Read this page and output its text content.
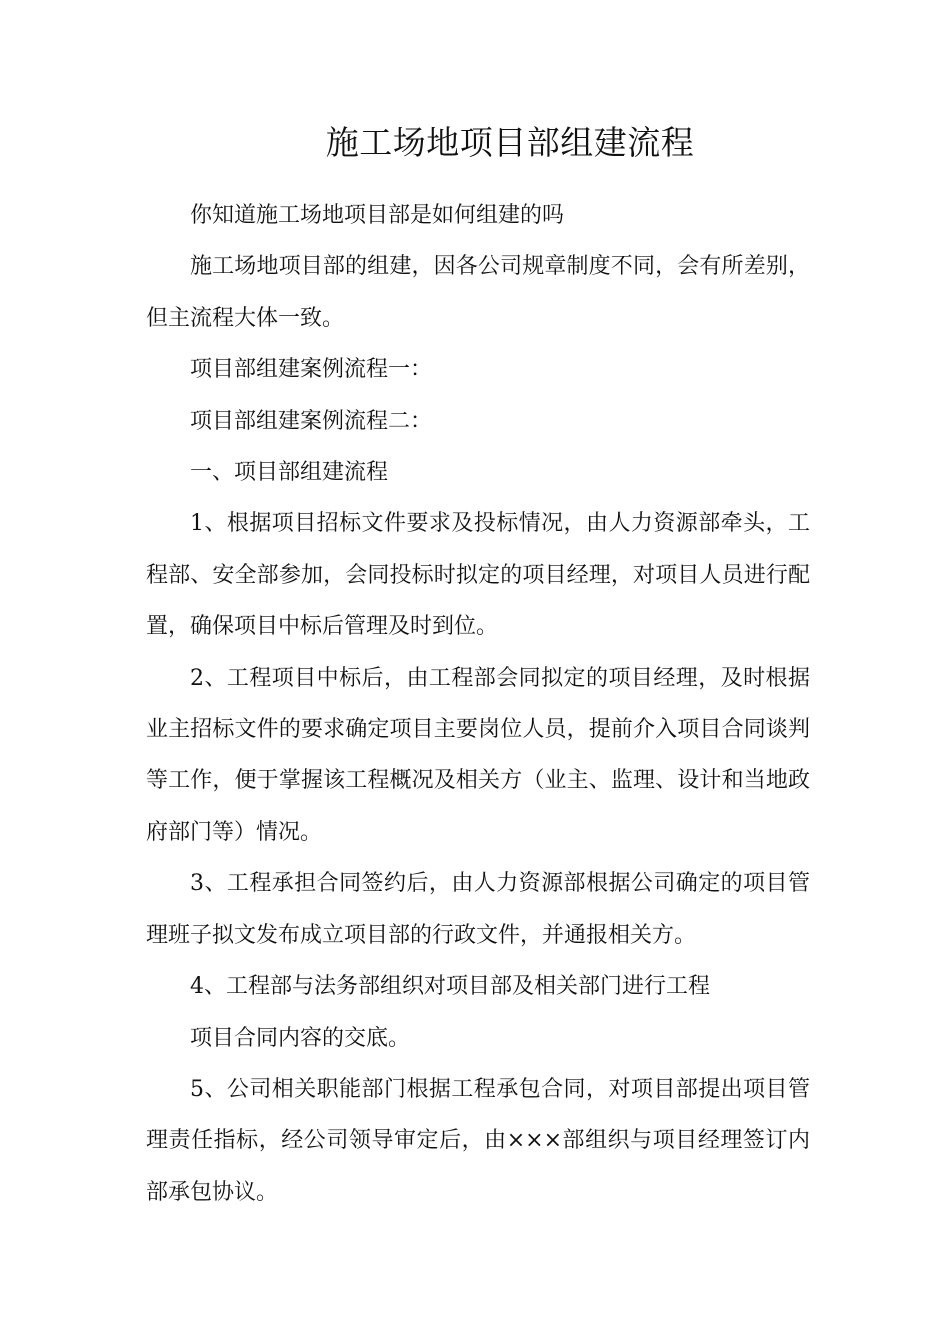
施工场地项目部组建流程

你知道施工场地项目部是如何组建的吗

施工场地项目部的组建，因各公司规章制度不同，会有所差别，但主流程大体一致。

项目部组建案例流程一：

项目部组建案例流程二：

一、项目部组建流程

1、根据项目招标文件要求及投标情况，由人力资源部牵头，工程部、安全部参加，会同投标时拟定的项目经理，对项目人员进行配置，确保项目中标后管理及时到位。

2、工程项目中标后，由工程部会同拟定的项目经理，及时根据业主招标文件的要求确定项目主要岗位人员，提前介入项目合同谈判等工作，便于掌握该工程概况及相关方（业主、监理、设计和当地政府部门等）情况。

3、工程承担合同签约后，由人力资源部根据公司确定的项目管理班子拟文发布成立项目部的行政文件，并通报相关方。

4、工程部与法务部组织对项目部及相关部门进行工程

项目合同内容的交底。

5、公司相关职能部门根据工程承包合同，对项目部提出项目管理责任指标，经公司领导审定后，由×××部组织与项目经理签订内部承包协议。
